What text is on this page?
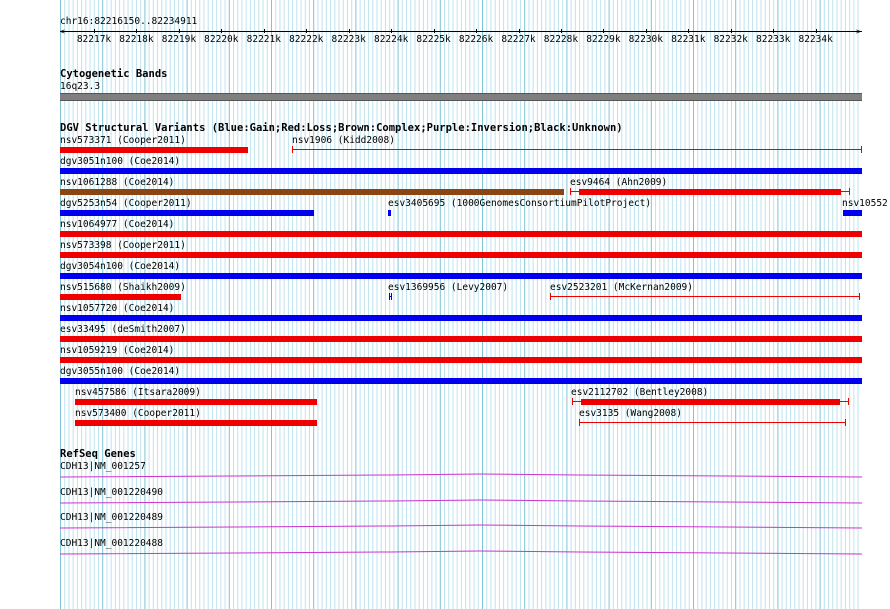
chr16:82216150..82234911
<	>
82217k 82218k 82219k 82220k 82221k 82222k 82223k 82224k 82225k 82226k 82227k 82228k 82229k 82230k 82231k 82232k 82233k 82234k
Cytogenetic Bands
16q23.3
DGV Structural Variants (Blue:Gain;Red:Loss;Brown:Complex;Purple:Inversion;Black:Unknown)
nsv573371 (Cooper2011)	nsv1906 (Kidd2008)
dgv3051n100 (Coe2014)
nsv1061288 (Coe2014)	esv9464 (Ahn2009)
dgv5253n54 (Cooper2011)	esv3405695 (1000GenomesConsortiumPilotProject)	nsv10552
nsv1064977 (Coe2014)
nsv573398 (Cooper2011)
dgv3054n100 (Coe2014)
nsv515680 (Shaikh2009)	esv1369956 (Levy2007)	esv2523201 (McKernan2009)
nsv1057720 (Coe2014)
esv33495 (deSmith2007)
nsv1059219 (Coe2014)
dgv3055n100 (Coe2014)
nsv457586 (Itsara2009)	esv2112702 (Bentley2008)
nsv573400 (Cooper2011)	esv3135 (Wang2008)
RefSeq Genes
CDH13|NM_001257
CDH13|NM_001220490
CDH13|NM_001220489
CDH13|NM_001220488
